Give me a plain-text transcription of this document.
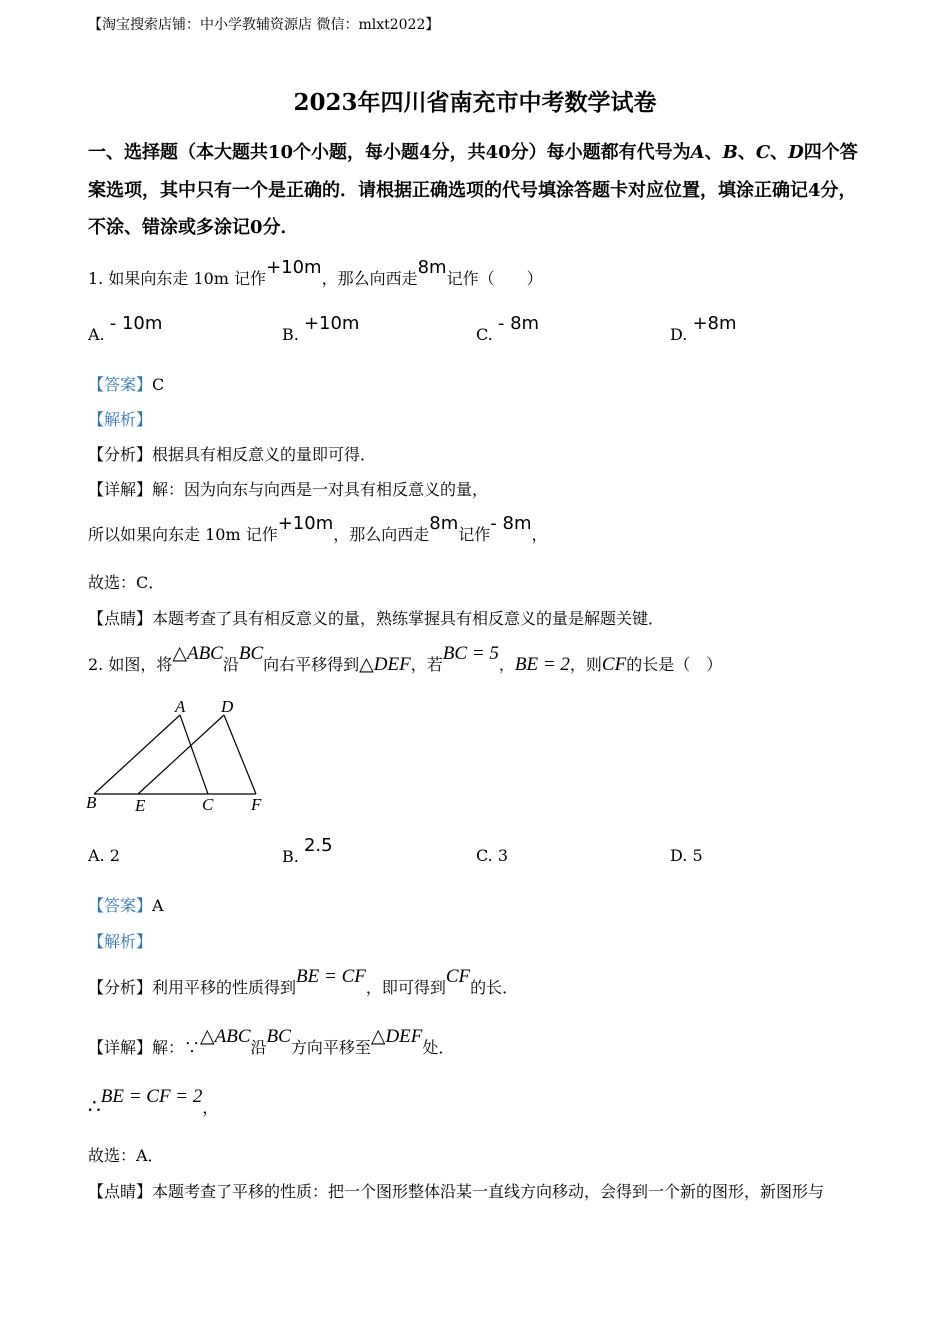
【淘宝搜索店铺：中小学教辅资源店 微信：mlxt2022】
2023年四川省南充市中考数学试卷
一、选择题（本大题共10个小题，每小题4分，共40分）每小题都有代号为A、B、C、D四个答案选项，其中只有一个是正确的．请根据正确选项的代号填涂答题卡对应位置，填涂正确记4分，不涂、错涂或多涂记0分．
1. 如果向东走 10m 记作+10m，那么向西走8m记作（　　）
A. - 10m
B. +10m
C. - 8m
D. +8m
【答案】C
【解析】
【分析】根据具有相反意义的量即可得．
【详解】解：因为向东与向西是一对具有相反意义的量，
所以如果向东走 10m 记作+10m，那么向西走8m记作- 8m，
故选：C．
【点睛】本题考查了具有相反意义的量，熟练掌握具有相反意义的量是解题关键．
2. 如图，将△ABC沿BC向右平移得到△DEF，若BC = 5，BE = 2，则CF的长是（　）
A D
B E	C F
A. 2	B. 2.5	C. 3	D. 5
【答案】A
【解析】
【分析】利用平移的性质得到BE = CF，即可得到CF的长．
【详解】解：∵△ABC沿BC方向平移至△DEF处．
∴BE = CF = 2，
故选：A．
【点睛】本题考查了平移的性质：把一个图形整体沿某一直线方向移动，会得到一个新的图形，新图形与
